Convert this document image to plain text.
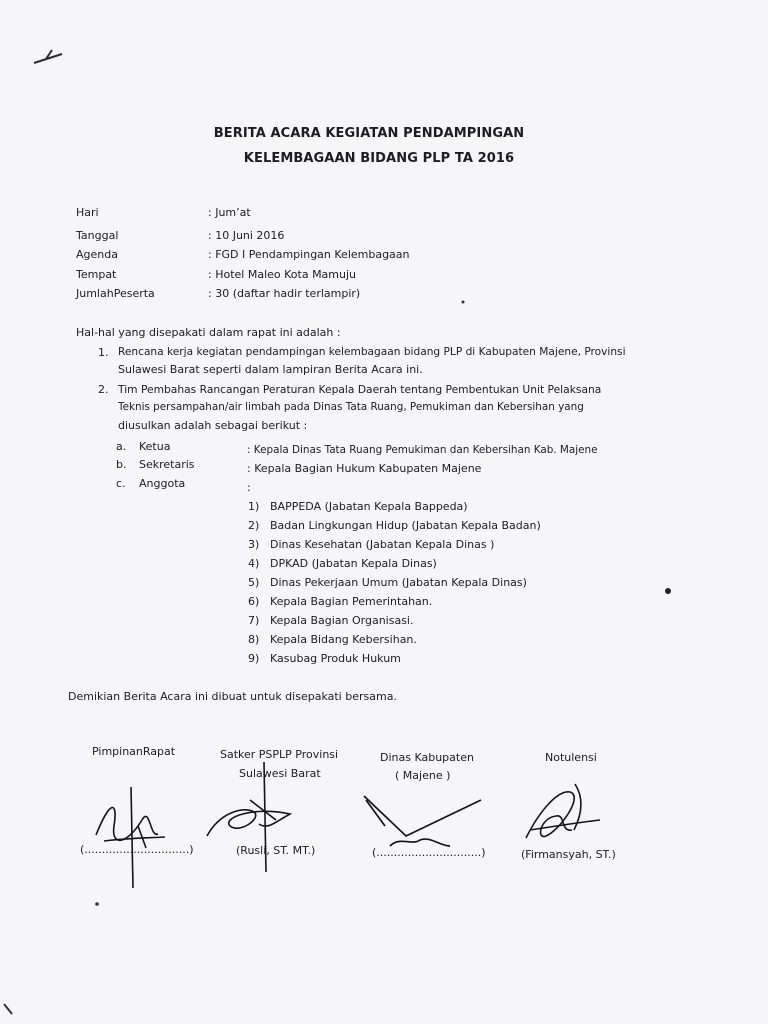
BERITA ACARA KEGIATAN PENDAMPINGAN
KELEMBAGAAN BIDANG PLP TA 2016
Hari	: Jum’at
Tanggal	: 10 Juni 2016
Agenda	: FGD I Pendampingan Kelembagaan
Tempat	: Hotel Maleo Kota Mamuju
JumlahPeserta	: 30 (daftar hadir terlampir)
Hal-hal yang disepakati dalam rapat ini adalah :
1. Rencana kerja kegiatan pendampingan kelembagaan bidang PLP di Kabupaten Majene, Provinsi
Sulawesi Barat seperti dalam lampiran Berita Acara ini.
2. Tim Pembahas Rancangan Peraturan Kepala Daerah tentang Pembentukan Unit Pelaksana
Teknis persampahan/air limbah pada Dinas Tata Ruang, Pemukiman dan Kebersihan yang
diusulkan adalah sebagai berikut :
a. Ketua	: Kepala Dinas Tata Ruang Pemukiman dan Kebersihan Kab. Majene
b. Sekretaris	: Kepala Bagian Hukum Kabupaten Majene
c. Anggota	:
1) BAPPEDA (Jabatan Kepala Bappeda)
2) Badan Lingkungan Hidup (Jabatan Kepala Badan)
3) Dinas Kesehatan (Jabatan Kepala Dinas )
4) DPKAD (Jabatan Kepala Dinas)
5) Dinas Pekerjaan Umum (Jabatan Kepala Dinas)
6) Kepala Bagian Pemerintahan.
7) Kepala Bagian Organisasi.
8) Kepala Bidang Kebersihan.
9) Kasubag Produk Hukum
Demikian Berita Acara ini dibuat untuk disepakati bersama.
PimpinanRapat	Satker PSPLP Provinsi
Sulawesi Barat
Dinas Kabupaten
( Majene )
Notulensi
(..............................)	(Rusli, ST. MT.)	(..............................)	(Firmansyah, ST.)
